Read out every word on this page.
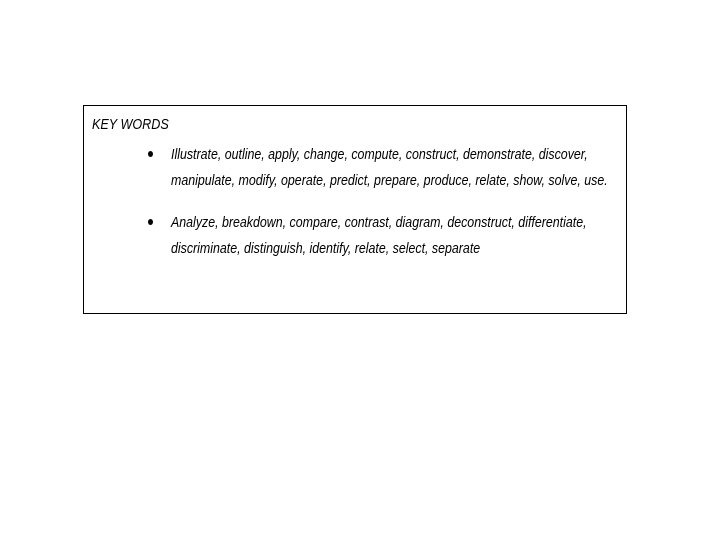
KEY WORDS
Illustrate, outline, apply, change, compute, construct, demonstrate, discover, manipulate, modify, operate, predict, prepare, produce, relate, show, solve, use.
Analyze, breakdown, compare, contrast, diagram, deconstruct, differentiate, discriminate, distinguish, identify, relate, select, separate
